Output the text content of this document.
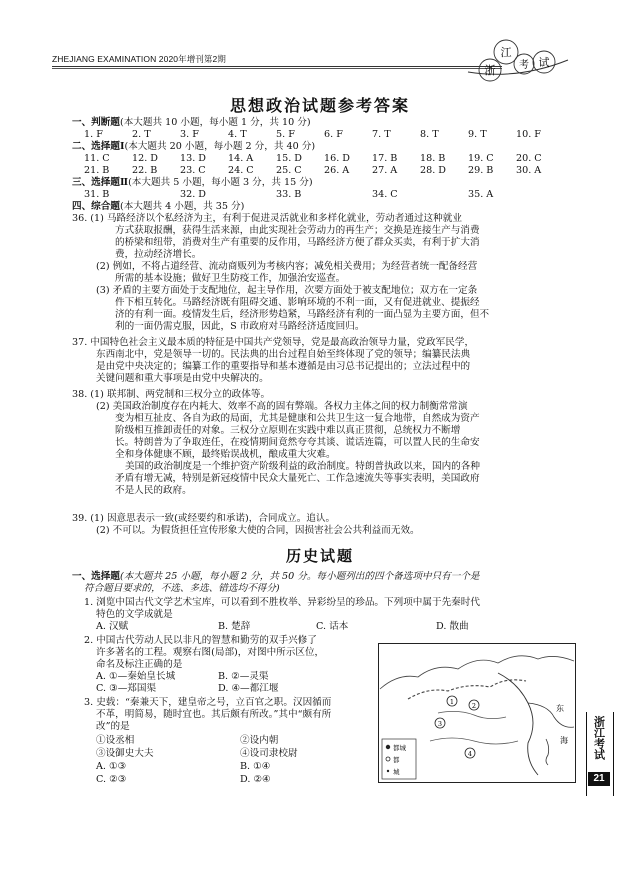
ZHEJIANG EXAMINATION 2020年增刊第2期
浙
江
考 试
思想政治试题参考答案
一、判断题(本大题共 10 小题，每小题 1 分，共 10 分)
1. F	2. T	3. F	4. T	5. F	6. F	7. T	8. T	9. T	10. F
二、选择题Ⅰ(本大题共 20 小题，每小题 2 分，共 40 分)
11. C	12. D	13. D	14. A	15. D	16. D	17. B	18. B	19. C	20. C
21. B	22. B	23. C	24. C	25. C	26. A	27. A	28. D	29. B	30. A
三、选择题Ⅱ(本大题共 5 小题，每小题 3 分，共 15 分)
31. B	32. D	33. B	34. C	35. A
四、综合题(本大题共 4 小题，共 35 分)
36. (1) 马路经济以个私经济为主，有利于促进灵活就业和多样化就业，劳动者通过这种就业
方式获取报酬，获得生活来源，由此实现社会劳动力的再生产；交换是连接生产与消费
的桥梁和纽带，消费对生产有重要的反作用，马路经济方便了群众买卖，有利于扩大消
费，拉动经济增长。
(2) 例如，不将占道经营、流动商贩列为考核内容；减免相关费用；为经营者统一配备经营
所需的基本设施；做好卫生防疫工作，加强治安巡查。
(3) 矛盾的主要方面处于支配地位，起主导作用，次要方面处于被支配地位；双方在一定条
件下相互转化。马路经济既有阻碍交通、影响环境的不利一面，又有促进就业、提振经
济的有利一面。疫情发生后，经济形势趋紧，马路经济有利的一面凸显为主要方面，但不
利的一面仍需克服，因此，S 市政府对马路经济适度回归。
37. 中国特色社会主义最本质的特征是中国共产党领导，党是最高政治领导力量，党政军民学，
东西南北中，党是领导一切的。民法典的出台过程自始至终体现了党的领导；编纂民法典
是由党中央决定的；编纂工作的重要指导和基本遵循是由习总书记提出的；立法过程中的
关键问题和重大事项是由党中央解决的。
38. (1) 联邦制、两党制和三权分立的政体等。
(2) 美国政治制度存在内耗大、效率不高的固有弊端。各权力主体之间的权力制衡常常演
变为相互扯皮、各自为政的局面，尤其是健康和公共卫生这一复合地带，自然成为资产
阶级相互推卸责任的对象。三权分立原则在实践中难以真正贯彻，总统权力不断增
长。特朗普为了争取连任，在疫情期间竟然夸夸其谈、谎话连篇，可以置人民的生命安
全和身体健康不顾，最终贻误战机，酿成重大灾难。
美国的政治制度是一个维护资产阶级利益的政治制度。特朗普执政以来，国内的各种
矛盾有增无减，特别是新冠疫情中民众大量死亡、工作急速流失等事实表明，美国政府
不是人民的政府。
39. (1) 因意思表示一致(或经要约和承诺)，合同成立。追认。
(2) 不可以。为假货担任宣传形象大使的合同，因损害社会公共利益而无效。
历史试题
一、选择题(本大题共 25 小题，每小题 2 分，共 50 分。每小题列出的四个备选项中只有一个是
符合题目要求的，不选、多选、错选均不得分)
1. 浏览中国古代文学艺术宝库，可以看到不胜枚举、异彩纷呈的珍品。下列项中属于先秦时代
特色的文学成就是
A. 汉赋	B. 楚辞	C. 话本	D. 散曲
2. 中国古代劳动人民以非凡的智慧和勤劳的双手兴修了
许多著名的工程。观察右图(局部)，对图中所示区位，
命名及标注正确的是
A. ①—秦始皇长城	B. ②—灵渠
C. ③—郑国渠	D. ④—都江堰
3. 史载：“秦兼天下，建皇帝之号，立百官之职。汉因循而
不革，明简易，随时宜也。其后颇有所改。”其中“颇有所
改”的是
①设丞相	②设内朝
③设御史大夫	④设司隶校尉
A. ①③	B. ①④
C. ②③	D. ②④
1	2
3
4
都城
都
城
东
海 浙江考试
21
